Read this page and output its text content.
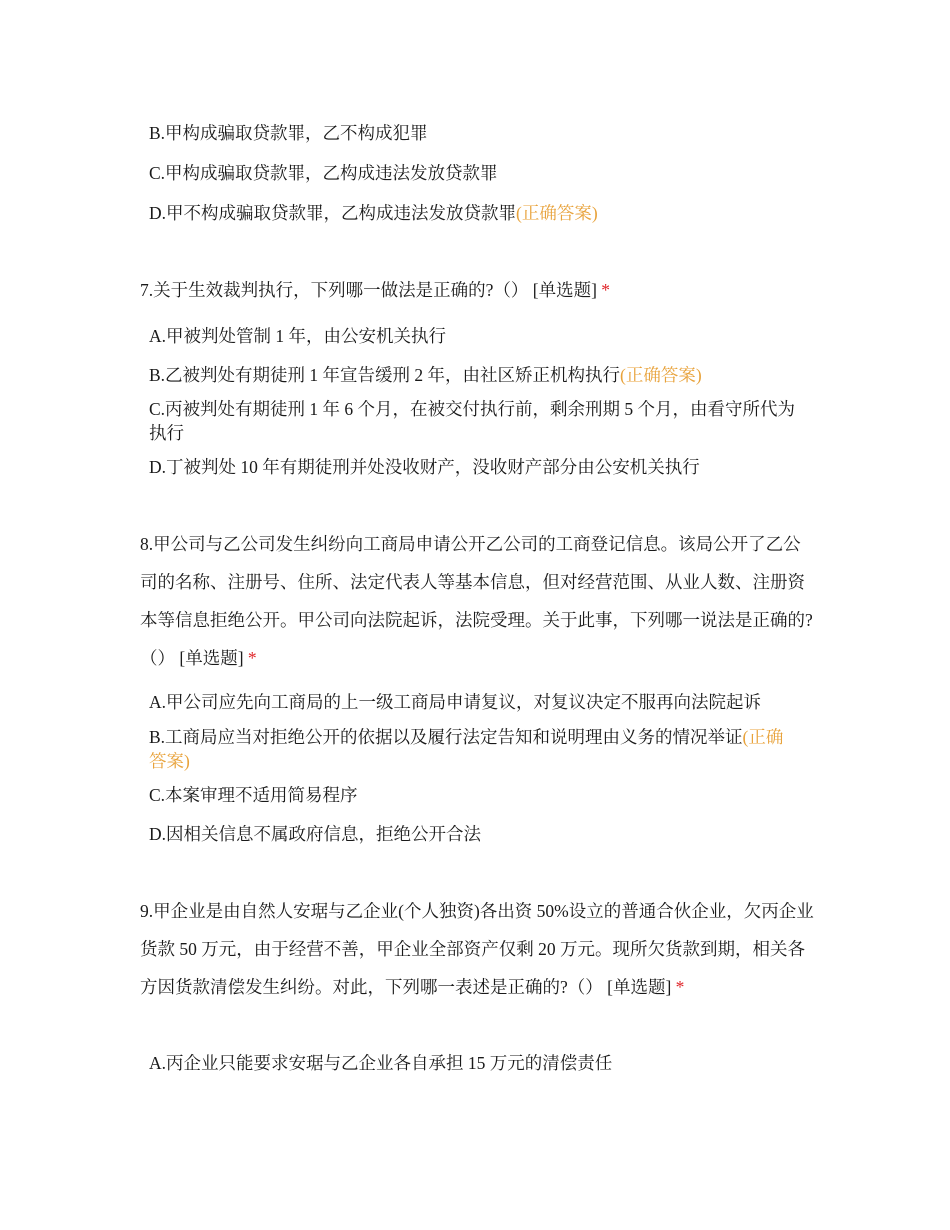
B.甲构成骗取贷款罪，乙不构成犯罪
C.甲构成骗取贷款罪，乙构成违法发放贷款罪
D.甲不构成骗取贷款罪，乙构成违法发放贷款罪(正确答案)
7.关于生效裁判执行，下列哪一做法是正确的?（） [单选题] *
A.甲被判处管制 1 年，由公安机关执行
B.乙被判处有期徒刑 1 年宣告缓刑 2 年，由社区矫正机构执行(正确答案)
C.丙被判处有期徒刑 1 年 6 个月，在被交付执行前，剩余刑期 5 个月，由看守所代为执行
D.丁被判处 10 年有期徒刑并处没收财产，没收财产部分由公安机关执行
8.甲公司与乙公司发生纠纷向工商局申请公开乙公司的工商登记信息。该局公开了乙公司的名称、注册号、住所、法定代表人等基本信息，但对经营范围、从业人数、注册资本等信息拒绝公开。甲公司向法院起诉，法院受理。关于此事，下列哪一说法是正确的?（） [单选题] *
A.甲公司应先向工商局的上一级工商局申请复议，对复议决定不服再向法院起诉
B.工商局应当对拒绝公开的依据以及履行法定告知和说明理由义务的情况举证(正确答案)
C.本案审理不适用简易程序
D.因相关信息不属政府信息，拒绝公开合法
9.甲企业是由自然人安琚与乙企业(个人独资)各出资 50%设立的普通合伙企业，欠丙企业货款 50 万元，由于经营不善，甲企业全部资产仅剩 20 万元。现所欠货款到期，相关各方因货款清偿发生纠纷。对此，下列哪一表述是正确的?（） [单选题] *
A.丙企业只能要求安琚与乙企业各自承担 15 万元的清偿责任
